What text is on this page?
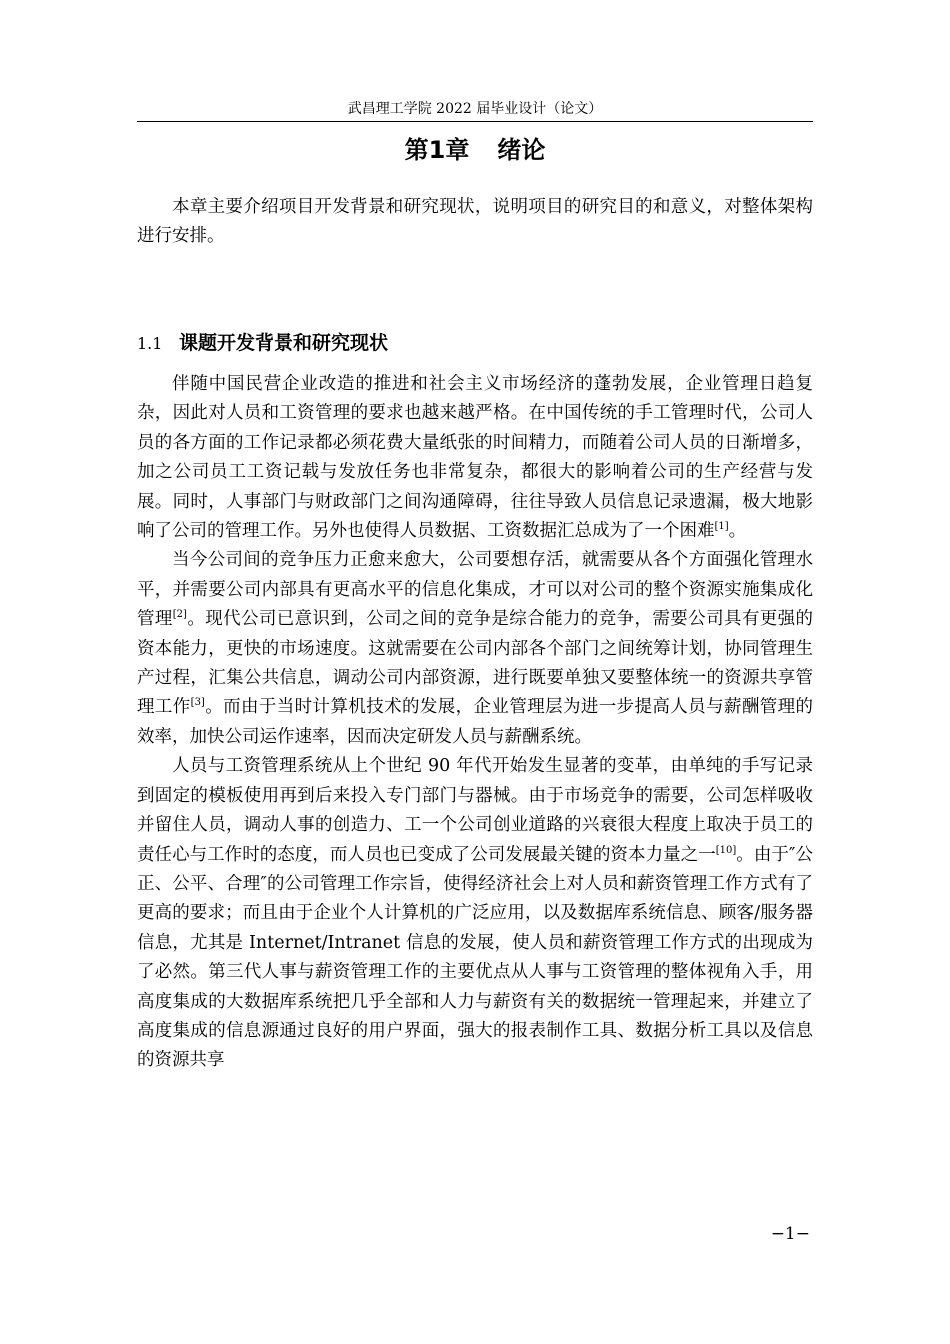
武昌理工学院 2022 届毕业设计（论文）
第1章 绪论

本章主要介绍项目开发背景和研究现状，说明项目的研究目的和意义，对整体架构进行安排。

1.1 课题开发背景和研究现状

伴随中国民营企业改造的推进和社会主义市场经济的蓬勃发展，企业管理日趋复杂，因此对人员和工资管理的要求也越来越严格。在中国传统的手工管理时代，公司人员的各方面的工作记录都必须花费大量纸张的时间精力，而随着公司人员的日渐增多，加之公司员工工资记载与发放任务也非常复杂，都很大的影响着公司的生产经营与发展。同时，人事部门与财政部门之间沟通障碍，往往导致人员信息记录遗漏，极大地影响了公司的管理工作。另外也使得人员数据、工资数据汇总成为了一个困难[1]。

当今公司间的竞争压力正愈来愈大，公司要想存活，就需要从各个方面强化管理水平，并需要公司内部具有更高水平的信息化集成，才可以对公司的整个资源实施集成化管理[2]。现代公司已意识到，公司之间的竞争是综合能力的竞争，需要公司具有更强的资本能力，更快的市场速度。这就需要在公司内部各个部门之间统筹计划，协同管理生产过程，汇集公共信息，调动公司内部资源，进行既要单独又要整体统一的资源共享管理工作[3]。而由于当时计算机技术的发展，企业管理层为进一步提高人员与薪酬管理的效率，加快公司运作速率，因而决定研发人员与薪酬系统。

人员与工资管理系统从上个世纪 90 年代开始发生显著的变革，由单纯的手写记录到固定的模板使用再到后来投入专门部门与器械。由于市场竞争的需要，公司怎样吸收并留住人员，调动人事的创造力、工一个公司创业道路的兴衰很大程度上取决于员工的责任心与工作时的态度，而人员也已变成了公司发展最关键的资本力量之一[10]。由于″公正、公平、合理″的公司管理工作宗旨，使得经济社会上对人员和薪资管理工作方式有了更高的要求；而且由于企业个人计算机的广泛应用，以及数据库系统信息、顾客/服务器信息，尤其是 Internet/Intranet 信息的发展，使人员和薪资管理工作方式的出现成为了必然。第三代人事与薪资管理工作的主要优点从人事与工资管理的整体视角入手，用高度集成的大数据库系统把几乎全部和人力与薪资有关的数据统一管理起来，并建立了高度集成的信息源通过良好的用户界面，强大的报表制作工具、数据分析工具以及信息的资源共享

−1−
